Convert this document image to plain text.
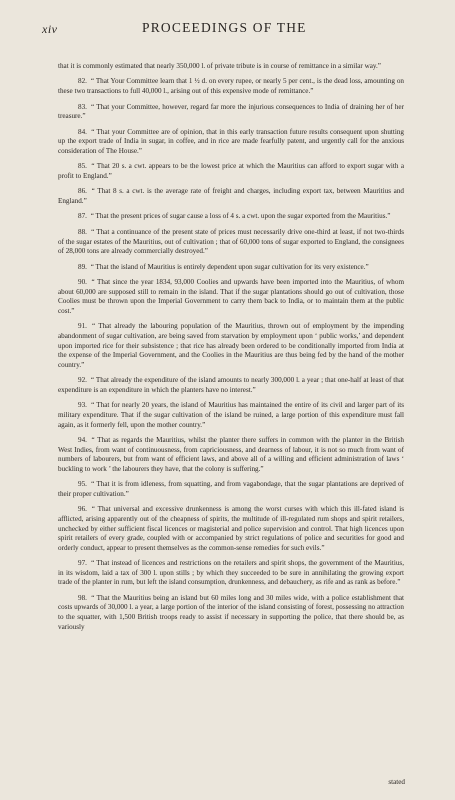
xiv	PROCEEDINGS OF THE

that it is commonly estimated that nearly 350,000 l. of private tribute is in course of remittance in a similar way.”

82. “ That Your Committee learn that 1 ½ d. on every rupee, or nearly 5 per cent., is the dead loss, amounting on these two transactions to full 40,000 l., arising out of this expensive mode of remittance.”

83. “ That your Committee, however, regard far more the injurious consequences to India of draining her of her treasure.”

84. “ That your Committee are of opinion, that in this early transaction future results consequent upon shutting up the export trade of India in sugar, in coffee, and in rice are made fearfully patent, and urgently call for the anxious consideration of The House.”

85. “ That 20 s. a cwt. appears to be the lowest price at which the Mauritius can afford to export sugar with a profit to England.”

86. “ That 8 s. a cwt. is the average rate of freight and charges, including export tax, between Mauritius and England.”

87. “ That the present prices of sugar cause a loss of 4 s. a cwt. upon the sugar exported from the Mauritius.”

88. “ That a continuance of the present state of prices must necessarily drive one-third at least, if not two-thirds of the sugar estates of the Mauritius, out of cultivation ; that of 60,000 tons of sugar exported to England, the consignees of 28,000 tons are already commercially destroyed.”

89. “ That the island of Mauritius is entirely dependent upon sugar cultivation for its very existence.”

90. “ That since the year 1834, 93,000 Coolies and upwards have been imported into the Mauritius, of whom about 60,000 are supposed still to remain in the island. That if the sugar plantations should go out of cultivation, those Coolies must be thrown upon the Imperial Government to carry them back to India, or to maintain them at the public cost.”

91. “ That already the labouring population of the Mauritius, thrown out of employment by the impending abandonment of sugar cultivation, are being saved from starvation by employment upon ‘ public works,’ and dependent upon imported rice for their subsistence ; that rice has already been ordered to be conditionally imported from India at the expense of the Imperial Government, and the Coolies in the Mauritius are thus being fed by the hand of the mother country.”

92. “ That already the expenditure of the island amounts to nearly 300,000 l. a year ; that one-half at least of that expenditure is an expenditure in which the planters have no interest.”

93. “ That for nearly 20 years, the island of Mauritius has maintained the entire of its civil and larger part of its military expenditure. That if the sugar cultivation of the island be ruined, a large portion of this expenditure must fall again, as it formerly fell, upon the mother country.”

94. “ That as regards the Mauritius, whilst the planter there suffers in common with the planter in the British West Indies, from want of continuousness, from capriciousness, and dearness of labour, it is not so much from want of numbers of labourers, but from want of efficient laws, and above all of a willing and efficient administration of laws ‘ buckling to work ’ the labourers they have, that the colony is suffering.”

95. “ That it is from idleness, from squatting, and from vagabondage, that the sugar plantations are deprived of their proper cultivation.”

96. “ That universal and excessive drunkenness is among the worst curses with which this ill-fated island is afflicted, arising apparently out of the cheapness of spirits, the multitude of ill-regulated rum shops and spirit retailers, unchecked by either sufficient fiscal licences or magisterial and police supervision and control. That high licences upon spirit retailers of every grade, coupled with or accompanied by strict regulations of police and securities for good and orderly conduct, appear to present themselves as the common-sense remedies for such evils.”

97. “ That instead of licences and restrictions on the retailers and spirit shops, the government of the Mauritius, in its wisdom, laid a tax of 300 l. upon stills ; by which they succeeded to be sure in annihilating the growing export trade of the planter in rum, but left the island consumption, drunkenness, and debauchery, as rife and as rank as before.”

98. “ That the Mauritius being an island but 60 miles long and 30 miles wide, with a police establishment that costs upwards of 30,000 l. a year, a large portion of the interior of the island consisting of forest, possessing no attraction to the squatter, with 1,500 British troops ready to assist if necessary in supporting the police, that there should be, as variously

stated
